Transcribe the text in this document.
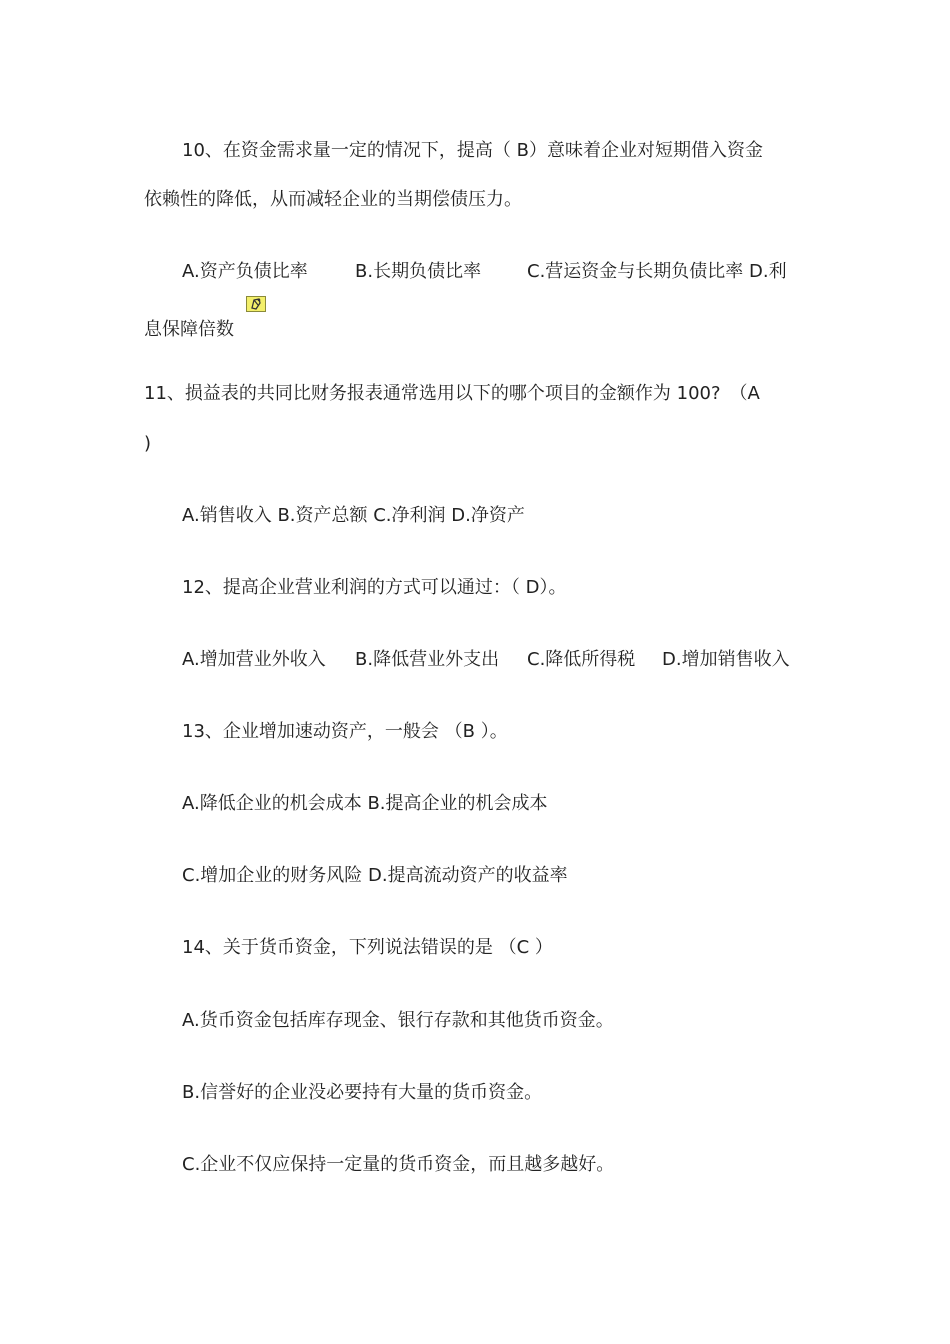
10、在资金需求量一定的情况下，提高（ B）意味着企业对短期借入资金
依赖性的降低，从而减轻企业的当期偿债压力。
A.资产负债比率	B.长期负债比率	C.营运资金与长期负债比率 D.利
息保障倍数
11、损益表的共同比财务报表通常选用以下的哪个项目的金额作为 100?　（A
)
A.销售收入 B.资产总额 C.净利润 D.净资产
12、提高企业营业利润的方式可以通过：（ D）。
A.增加营业外收入 B.降低营业外支出 C.降低所得税 D.增加销售收入
13、企业增加速动资产，一般会 （B ）。
A.降低企业的机会成本 B.提高企业的机会成本
C.增加企业的财务风险 D.提高流动资产的收益率
14、关于货币资金，下列说法错误的是 （C ）
A.货币资金包括库存现金、银行存款和其他货币资金。
B.信誉好的企业没必要持有大量的货币资金。
C.企业不仅应保持一定量的货币资金，而且越多越好。
